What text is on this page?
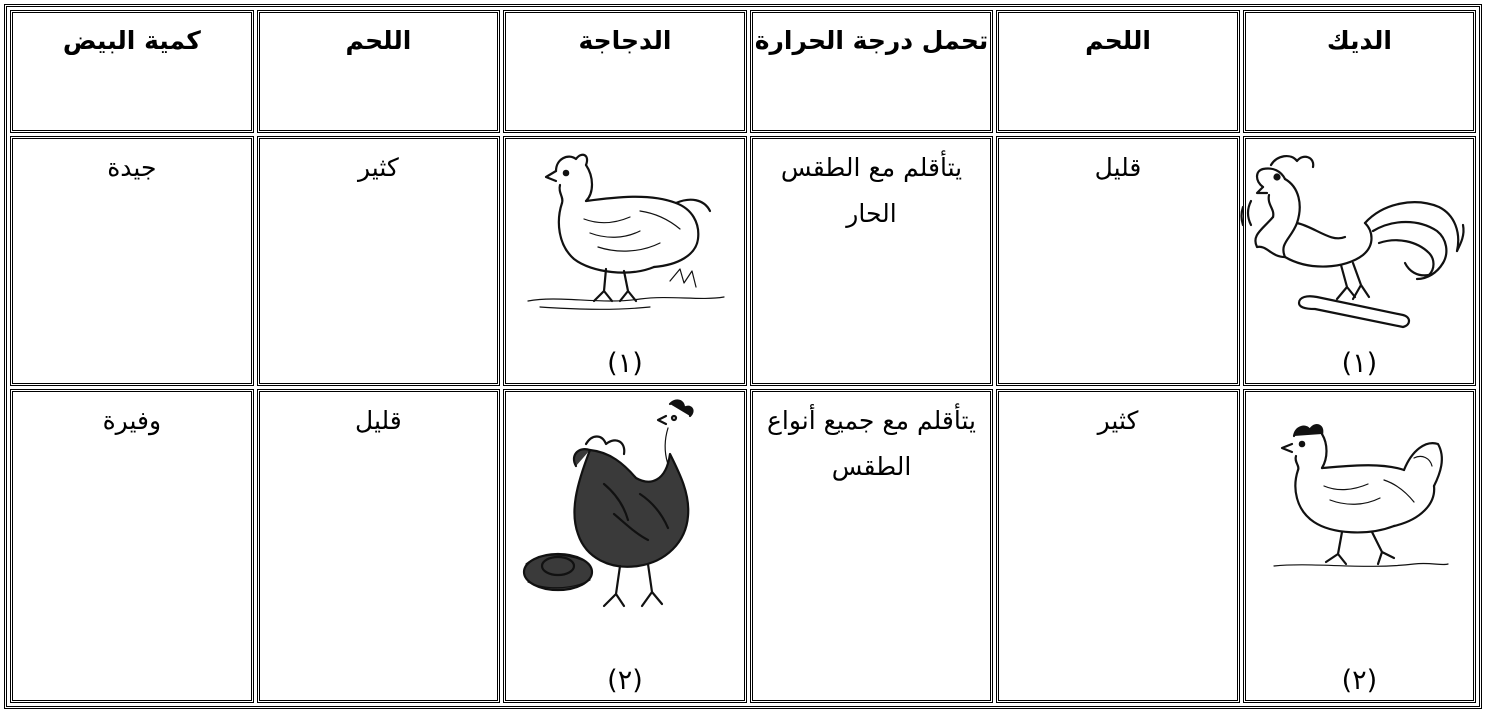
الديك	اللحم	تحمل درجة الحرارة	الدجاجة	اللحم	كمية البيض

(١)	قليل	يتأقلم مع الطقس الحار	(١)	كثير	جيدة

(٢)	كثير	يتأقلم مع جميع أنواع الطقس	(٢)	قليل	وفيرة
